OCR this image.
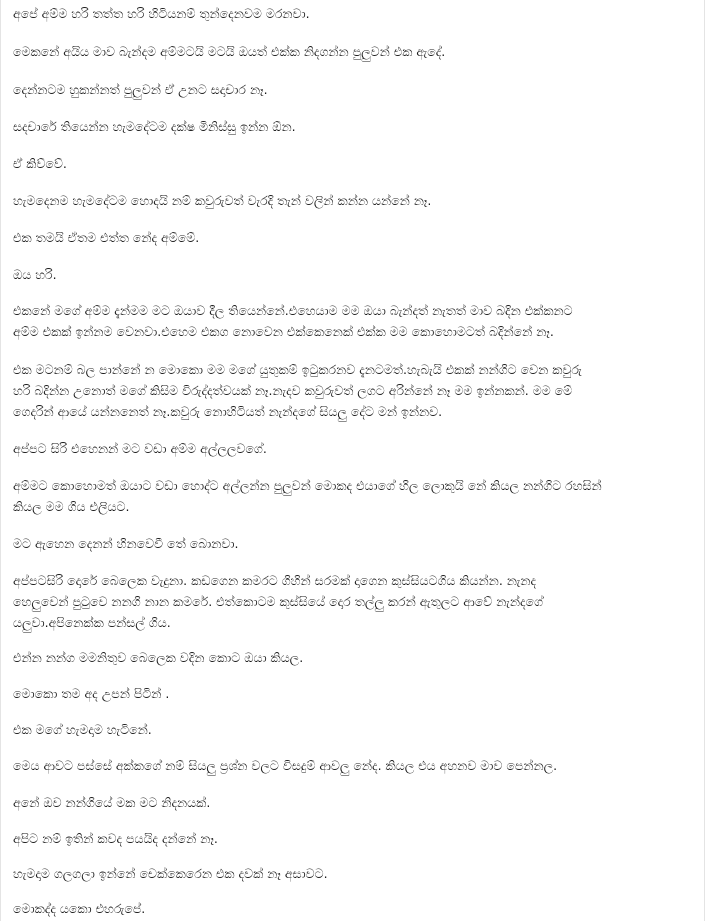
අපේ අම්ම හරි තත්ත හරි හිටියනම් තුන්දෙනවම මරනවා.
මෙකනේ අයිය මාව බැන්දම අම්මටයි මටයි ඔයත් එක්ක නිදගන්න පුලුවන් එක ඇදේ.
දෙන්නටම හුකන්නත් පුලුවන් ඒ උනට සදාචාර නෑ.
සදචාරේ තියෙන්න හැමදේටම දක්ෂ මිනිස්සු ඉන්න ඕන.
ඒ කිව්වේ.
හැමදෙනම හැමදේටම හොදයි නම් කවුරුවත් වැරදි තැන් වලින් කන්න යන්නේ නෑ.
එක තමයි ඒතම එත්ත නේද අම්මේ.
ඔය හරි.
එකනේ මගේ අම්ම දැන්මම මට ඔයාව දීල තියෙන්නේ.එහෙයාම මම ඔයා බැන්දත් නැතත් මාව බදින එක්කනට
අම්ම එකක් ඉන්නම වෙනවා.එහෙම එකග නොවෙන එක්කෙනෙක් එක්ක මම කොහොමටත් බදින්නේ නෑ.
එක මටනම් බල පාන්නේ න මොකො මම මගේ යුතුකම් ඉටුකරනව දැනටමත්.හැබැයි එකක් නන්ගිට වෙන කවුරු
හරි බදින්න උනොත් මගේ කිසිම විරුද්දත්වයක් නෑ.නැදව කවුරුවත් ලගට අරින්නේ නෑ මම ඉන්නකන්. මම මේ
ගෙදරින් ආයේ යන්නනෙත් නෑ.කවුරු නොහිටියත් නැන්දගේ සියලු දේට මන් ඉන්නව.
අප්පට සිරි එහෙනන් මට වඩා අම්ම අල්ලලවගේ.
අම්මට කොහොමත් ඔයාට වඩා හොද්ට අල්ලන්න පුලුවන් මොකද එයාගේ හිල ලොකුයි නේ කියල නන්ගිට රහසින්
කියල මම ගිය එලියට.
මට ඇහෙන දෙනන් හිනවෙවී තේ බොනවා.
අප්පටසිරි දොරේ බෙලෙක වැදුනා. කඩගෙන කමරට ගිහින් සරමක් දාගෙන කුස්සියටගිය කියන්න. නැනද
හෙලුවෙන් පුටුවෙ නනගි නාන කමරේ. එත්කොටම කුස්සියේ දොර තල්ලු කරන් ඇතුලට ආවේ නැන්දගේ
යලුවා.අපිනෙක්ක පන්සල් ගිය.
එන්න නන්ග මමනිතුව බෙලෙක වදින කොට ඔයා කියල.
මොකො තම අද උපන් පිටින් .
එක මගේ හැමදාම හැටිනේ.
මෙය ආවට පස්සේ අක්කගේ නම් සියලු ප්‍රශ්න වලට විසදුම් ආවලු නේද. කියල එය අහනව මාව පෙන්නල.
අනේ ඔව නන්ගියේ මක මට නිදනයක්.
අපිට නම් ඉතින් කවද පයයිද දන්නේ නෑ.
හැමදාම ගලගලා ඉන්නේ චෙක්කෙරෙන එක දවක් නෑ අසාවට.
මොකද්ද යකො එහරුපේ.
